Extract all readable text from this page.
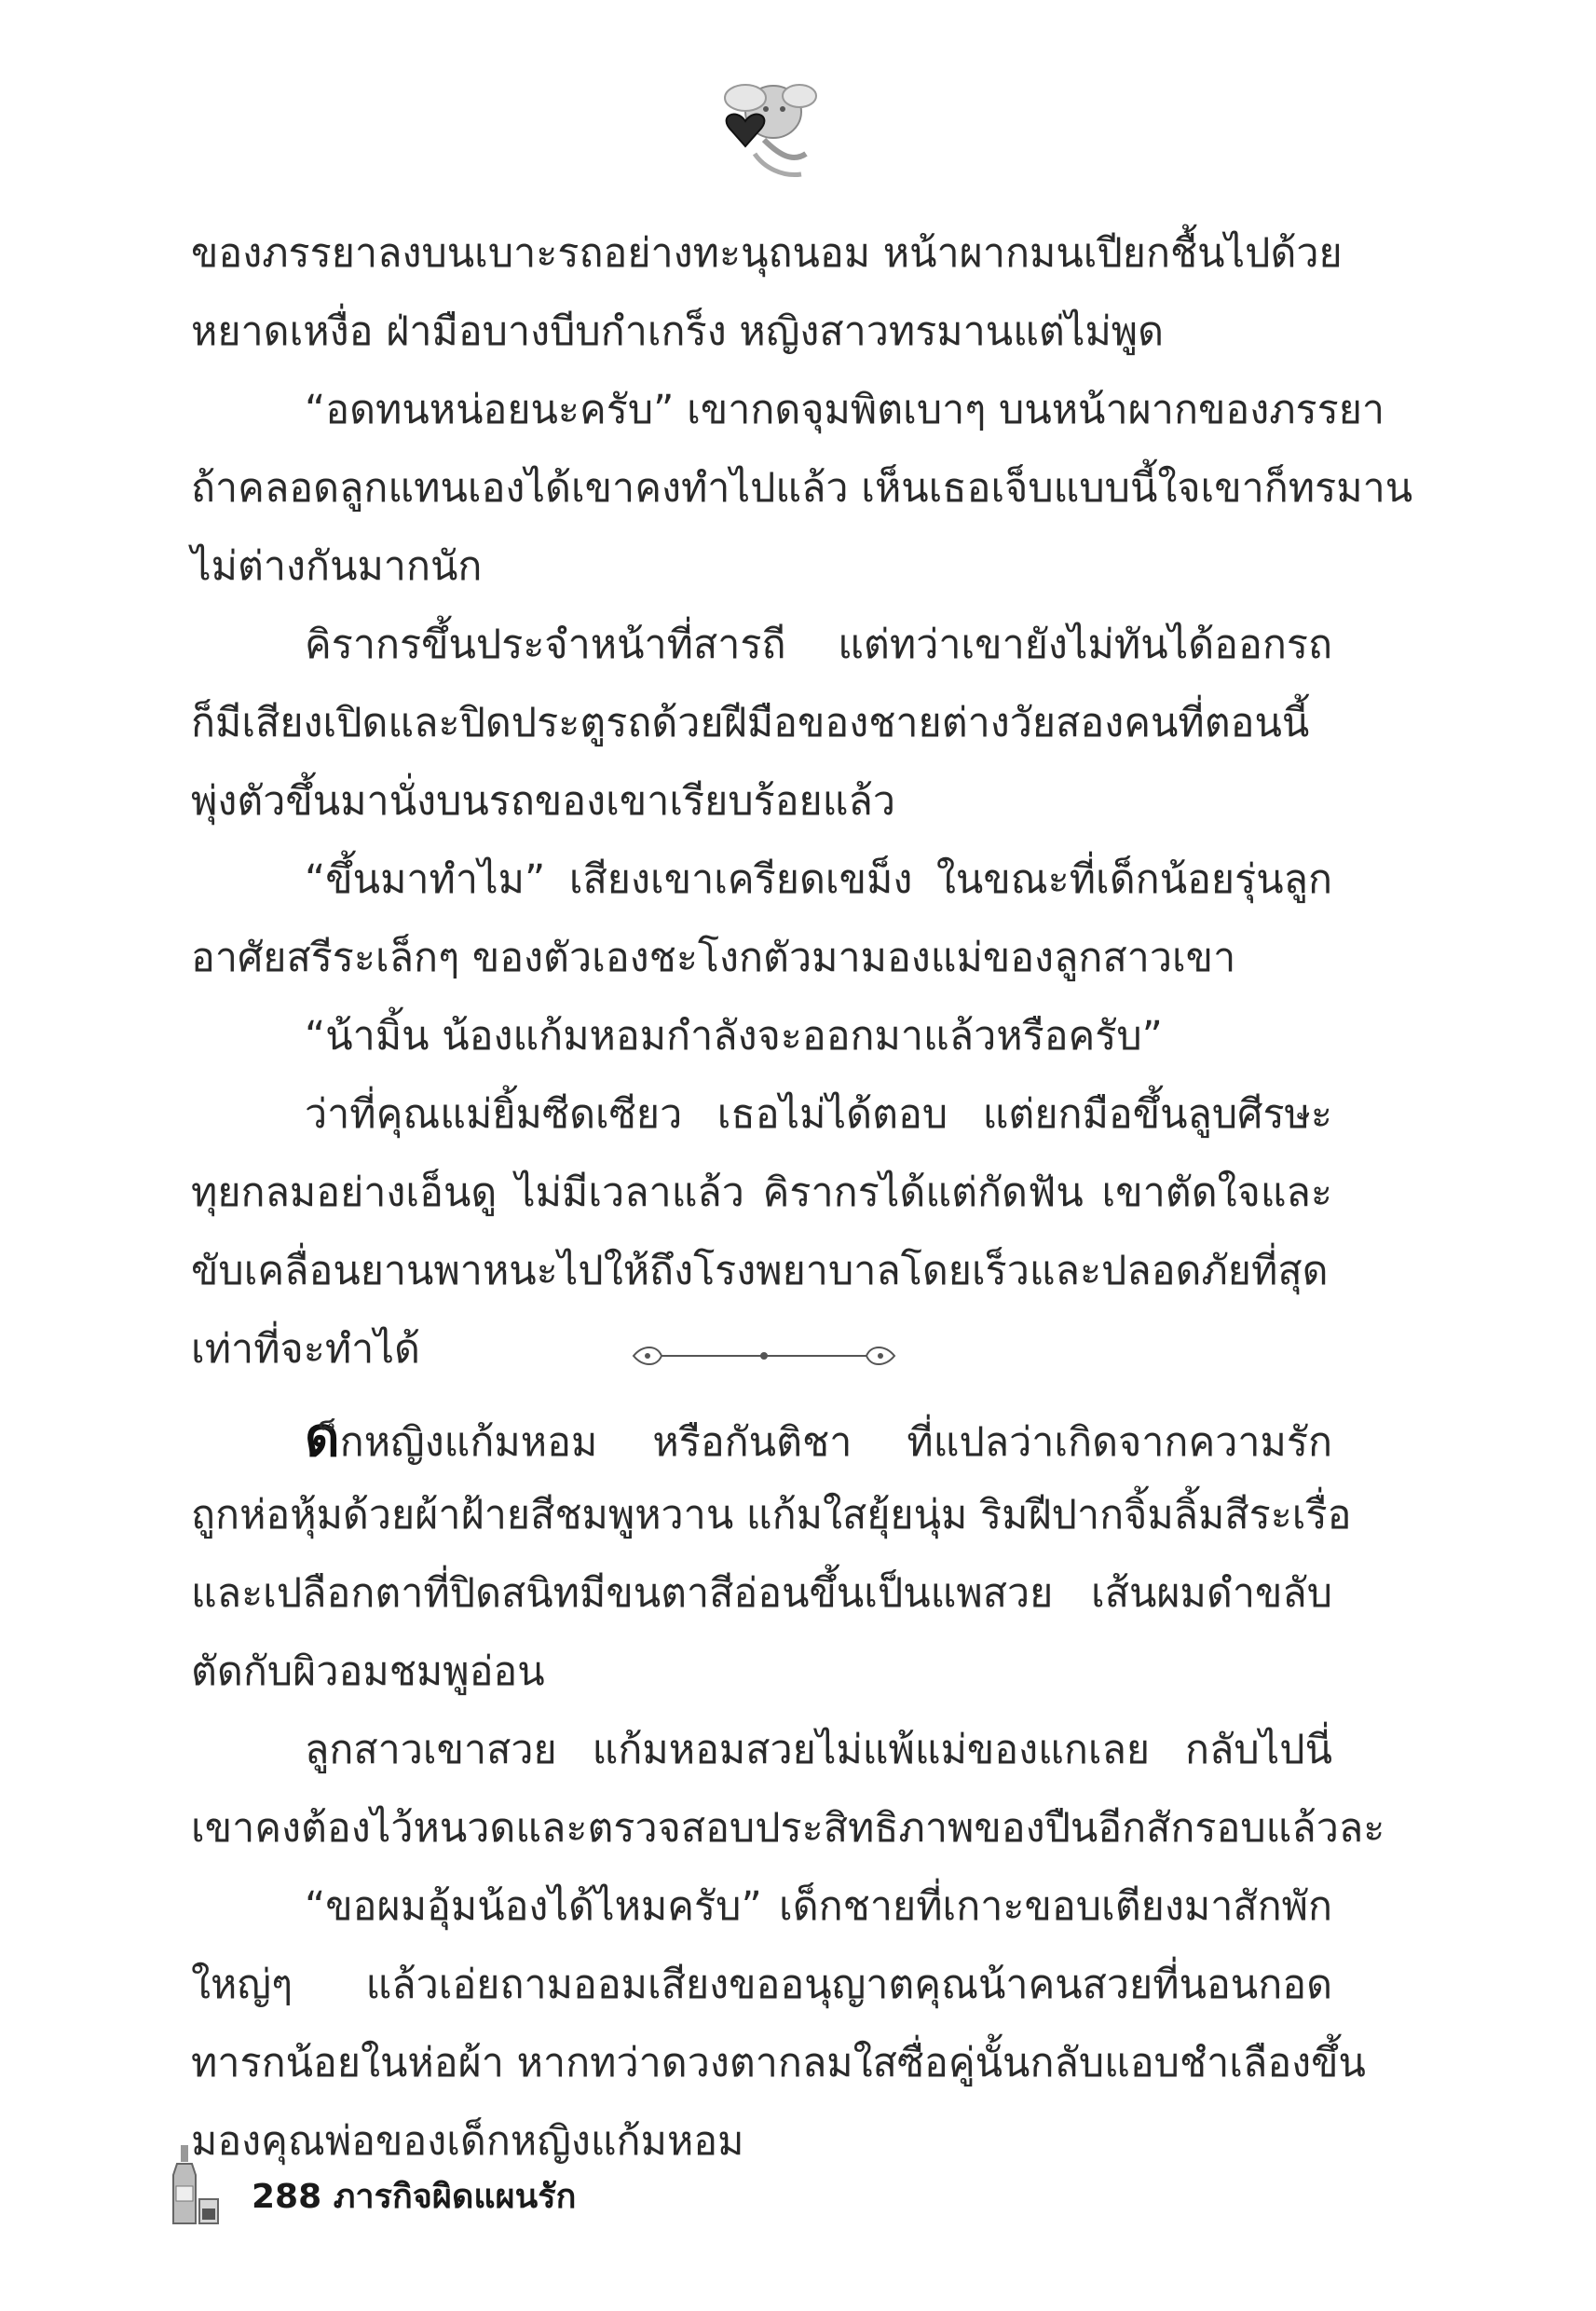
ของภรรยาลงบนเบาะรถอย่างทะนุถนอม หน้าผากมนเปียกชื้นไปด้วย

หยาดเหงื่อ ฝ่ามือบางบีบกำเกร็ง หญิงสาวทรมานแต่ไม่พูด

“อดทนหน่อยนะครับ” เขากดจุมพิตเบาๆ บนหน้าผากของภรรยา

ถ้าคลอดลูกแทนเองได้เขาคงทำไปแล้ว เห็นเธอเจ็บแบบนี้ใจเขาก็ทรมาน

ไม่ต่างกันมากนัก

คิรากรขึ้นประจำหน้าที่สารถี แต่ทว่าเขายังไม่ทันได้ออกรถ

ก็มีเสียงเปิดและปิดประตูรถด้วยฝีมือของชายต่างวัยสองคนที่ตอนนี้

พุ่งตัวขึ้นมานั่งบนรถของเขาเรียบร้อยแล้ว

“ขึ้นมาทำไม” เสียงเขาเครียดเขม็ง ในขณะที่เด็กน้อยรุ่นลูก

อาศัยสรีระเล็กๆ ของตัวเองชะโงกตัวมามองแม่ของลูกสาวเขา

“น้ามิ้น น้องแก้มหอมกำลังจะออกมาแล้วหรือครับ”

ว่าที่คุณแม่ยิ้มซีดเซียว เธอไม่ได้ตอบ แต่ยกมือขึ้นลูบศีรษะ

ทุยกลมอย่างเอ็นดู ไม่มีเวลาแล้ว คิรากรได้แต่กัดฟัน เขาตัดใจและ

ขับเคลื่อนยานพาหนะไปให้ถึงโรงพยาบาลโดยเร็วและปลอดภัยที่สุด

เท่าที่จะทำได้

ด็กหญิงแก้มหอม หรือกันติชา ที่แปลว่าเกิดจากความรัก

ถูกห่อหุ้มด้วยผ้าฝ้ายสีชมพูหวาน แก้มใสยุ้ยนุ่ม ริมฝีปากจิ้มลิ้มสีระเรื่อ

และเปลือกตาที่ปิดสนิทมีขนตาสีอ่อนขึ้นเป็นแพสวย เส้นผมดำขลับ

ตัดกับผิวอมชมพูอ่อน

ลูกสาวเขาสวย แก้มหอมสวยไม่แพ้แม่ของแกเลย กลับไปนี่

เขาคงต้องไว้หนวดและตรวจสอบประสิทธิภาพของปืนอีกสักรอบแล้วละ

“ขอผมอุ้มน้องได้ไหมครับ” เด็กชายที่เกาะขอบเตียงมาสักพัก

ใหญ่ๆ แล้วเอ่ยถามออมเสียงขออนุญาตคุณน้าคนสวยที่นอนกอด

ทารกน้อยในห่อผ้า หากทว่าดวงตากลมใสซื่อคู่นั้นกลับแอบชำเลืองขึ้น

มองคุณพ่อของเด็กหญิงแก้มหอม

288 ภารกิจผิดแผนรัก
